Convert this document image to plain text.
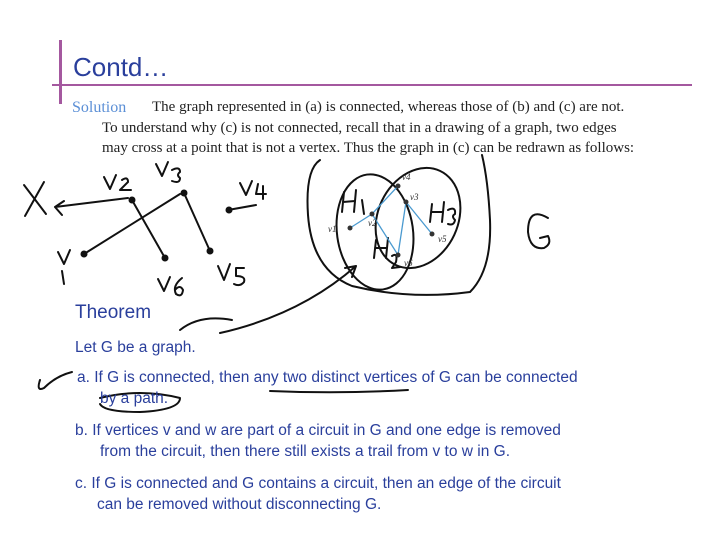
Contd…
Solution The graph represented in (a) is connected, whereas those of (b) and (c) are not.
To understand why (c) is not connected, recall that in a drawing of a graph, two edges
may cross at a point that is not a vertex. Thus the graph in (c) can be redrawn as follows:
v1
v2
v3
v4
v5
v6
Theorem
Let G be a graph.
a. If G is connected, then any two distinct vertices of G can be connected
by a path.
b. If vertices v and w are part of a circuit in G and one edge is removed
from the circuit, then there still exists a trail from v to w in G.
c. If G is connected and G contains a circuit, then an edge of the circuit
can be removed without disconnecting G.
